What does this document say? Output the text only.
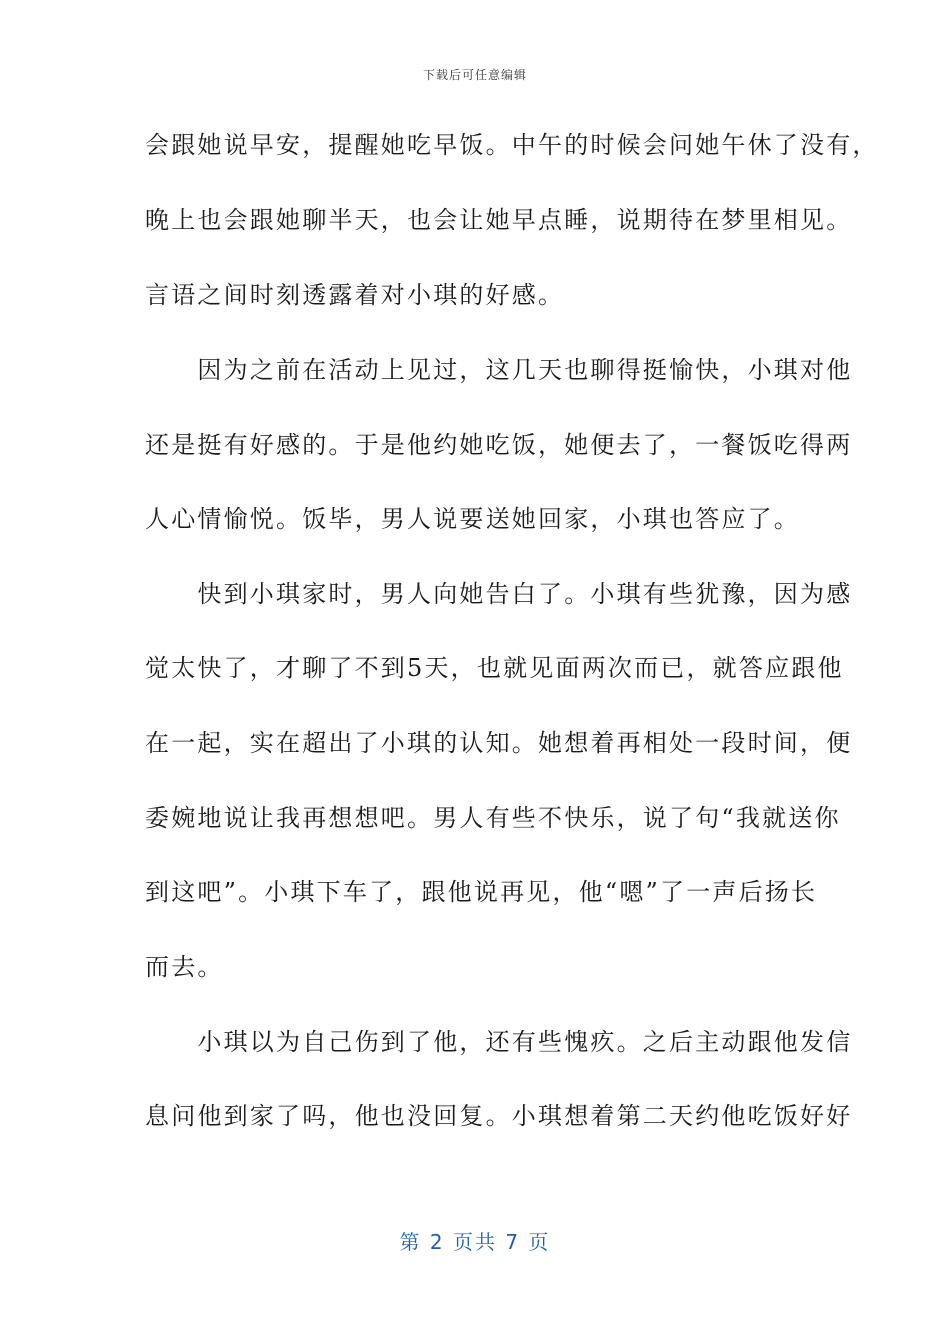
下载后可任意编辑
会跟她说早安，提醒她吃早饭。中午的时候会问她午休了没有，
晚上也会跟她聊半天，也会让她早点睡，说期待在梦里相见。
言语之间时刻透露着对小琪的好感。
　　因为之前在活动上见过，这几天也聊得挺愉快，小琪对他
还是挺有好感的。于是他约她吃饭，她便去了，一餐饭吃得两
人心情愉悦。饭毕，男人说要送她回家，小琪也答应了。
　　快到小琪家时，男人向她告白了。小琪有些犹豫，因为感
觉太快了，才聊了不到5天，也就见面两次而已，就答应跟他
在一起，实在超出了小琪的认知。她想着再相处一段时间，便
委婉地说让我再想想吧。男人有些不快乐，说了句“我就送你
到这吧”。小琪下车了，跟他说再见，他“嗯”了一声后扬长
而去。
　　小琪以为自己伤到了他，还有些愧疚。之后主动跟他发信
息问他到家了吗，他也没回复。小琪想着第二天约他吃饭好好
第 2 页共 7 页
